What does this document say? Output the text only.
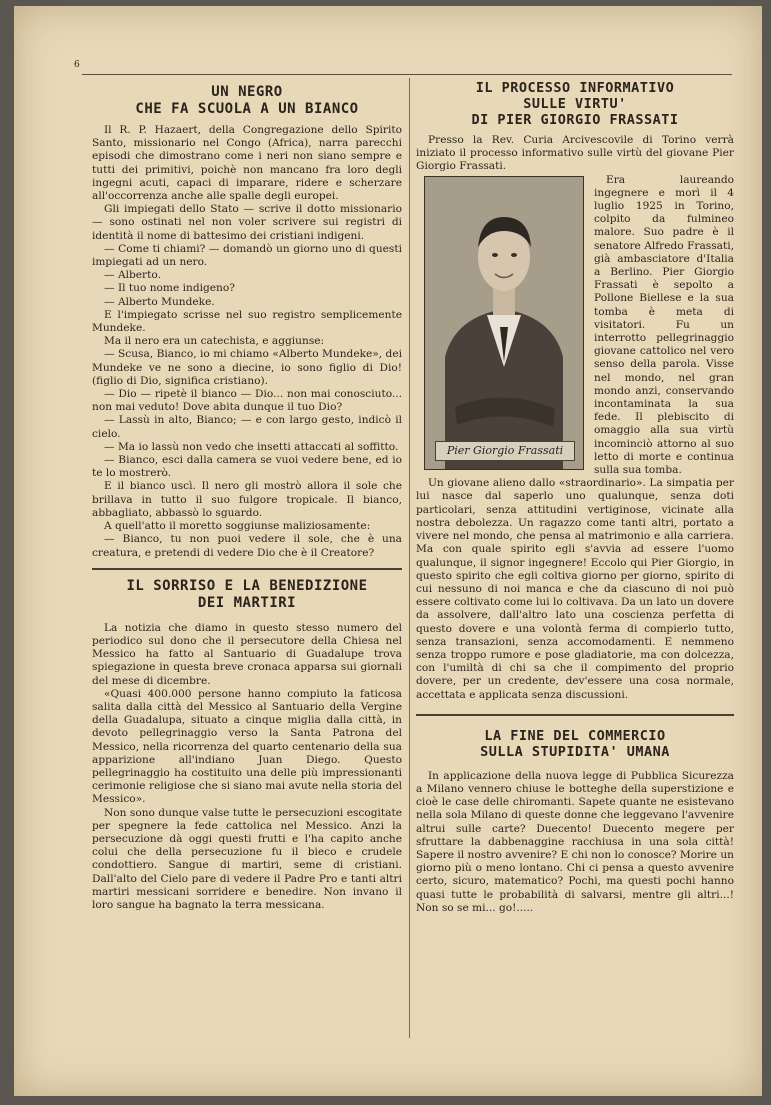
6
UN NEGRO
CHE FA SCUOLA A UN BIANCO

Il R. P. Hazaert, della Congregazione dello Spirito Santo, missionario nel Congo (Africa), narra parecchi episodi che dimostrano come i neri non siano sempre e tutti dei primitivi, poichè non mancano fra loro degli ingegni acuti, capaci di imparare, ridere e scherzare all'occorrenza anche alle spalle degli europei.

Gli impiegati dello Stato — scrive il dotto missionario — sono ostinati nel non voler scrivere sui registri di identità il nome di battesimo dei cristiani indigeni.

— Come ti chiami? — domandò un giorno uno di questi impiegati ad un nero.

— Alberto.

— Il tuo nome indigeno?

— Alberto Mundeke.

E l'impiegato scrisse nel suo registro semplicemente Mundeke.

Ma il nero era un catechista, e aggiunse:

— Scusa, Bianco, io mi chiamo «Alberto Mundeke», dei Mundeke ve ne sono a diecine, io sono figlio di Dio! (figlio di Dio, significa cristiano).

— Dio — ripetè il bianco — Dio... non mai conosciuto... non mai veduto! Dove abita dunque il tuo Dio?

— Lassù in alto, Bianco; — e con largo gesto, indicò il cielo.

— Ma io lassù non vedo che insetti attaccati al soffitto.

— Bianco, esci dalla camera se vuoi vedere bene, ed io te lo mostrerò.

E il bianco uscì. Il nero gli mostrò allora il sole che brillava in tutto il suo fulgore tropicale. Il bianco, abbagliato, abbassò lo sguardo.

A quell'atto il moretto soggiunse maliziosamente:

— Bianco, tu non puoi vedere il sole, che è una creatura, e pretendi di vedere Dio che è il Creatore?

IL SORRISO E LA BENEDIZIONE
DEI MARTIRI

La notizia che diamo in questo stesso numero del periodico sul dono che il persecutore della Chiesa nel Messico ha fatto al Santuario di Guadalupe trova spiegazione in questa breve cronaca apparsa sui giornali del mese di dicembre.

«Quasi 400.000 persone hanno compiuto la faticosa salita dalla città del Messico al Santuario della Vergine della Guadalupa, situato a cinque miglia dalla città, in devoto pellegrinaggio verso la Santa Patrona del Messico, nella ricorrenza del quarto centenario della sua apparizione all'indiano Juan Diego. Questo pellegrinaggio ha costituito una delle più impressionanti cerimonie religiose che si siano mai avute nella storia del Messico».

Non sono dunque valse tutte le persecuzioni escogitate per spegnere la fede cattolica nel Messico. Anzi la persecuzione dà oggi questi frutti e l'ha capito anche colui che della persecuzione fu il bieco e crudele condottiero. Sangue di martiri, seme di cristiani. Dall'alto del Cielo pare di vedere il Padre Pro e tanti altri martiri messicani sorridere e benedire. Non invano il loro sangue ha bagnato la terra messicana.

IL PROCESSO INFORMATIVO
SULLE VIRTU'
DI PIER GIORGIO FRASSATI

Presso la Rev. Curia Arcivescovile di Torino verrà iniziato il processo informativo sulle virtù del giovane Pier Giorgio Frassati.

Pier Giorgio Frassati

Era laureando ingegnere e morì il 4 luglio 1925 in Torino, colpito da fulmineo malore. Suo padre è il senatore Alfredo Frassati, già ambasciatore d'Italia a Berlino. Pier Giorgio Frassati è sepolto a Pollone Biellese e la sua tomba è meta di visitatori. Fu un interrotto pellegrinaggio giovane cattolico nel vero senso della parola. Visse nel mondo, nel gran mondo anzi, conservando incontaminata la sua fede. Il plebiscito di omaggio alla sua virtù incominciò attorno al suo letto di morte e continua sulla sua tomba.

Un giovane alieno dallo «straordinario». La simpatia per lui nasce dal saperlo uno qualunque, senza doti particolari, senza attitudini vertiginose, vicinate alla nostra debolezza. Un ragazzo come tanti altri, portato a vivere nel mondo, che pensa al matrimonio e alla carriera. Ma con quale spirito egli s'avvia ad essere l'uomo qualunque, il signor ingegnere! Eccolo qui Pier Giorgio, in questo spirito che egli coltiva giorno per giorno, spirito di cui nessuno di noi manca e che da ciascuno di noi può essere coltivato come lui lo coltivava. Da un lato un dovere da assolvere, dall'altro lato una coscienza perfetta di questo dovere e una volontà ferma di compierlo tutto, senza transazioni, senza accomodamenti. E nemmeno senza troppo rumore e pose gladiatorie, ma con dolcezza, con l'umiltà di chi sa che il compimento del proprio dovere, per un credente, dev'essere una cosa normale, accettata e applicata senza discussioni.

LA FINE DEL COMMERCIO
SULLA STUPIDITA' UMANA

In applicazione della nuova legge di Pubblica Sicurezza a Milano vennero chiuse le botteghe della superstizione e cioè le case delle chiromanti. Sapete quante ne esistevano nella sola Milano di queste donne che leggevano l'avvenire altrui sulle carte? Duecento! Duecento megere per sfruttare la dabbenaggine racchiusa in una sola città! Sapere il nostro avvenire? E chi non lo conosce? Morire un giorno più o meno lontano. Chi ci pensa a questo avvenire certo, sicuro, matematico? Pochi, ma questi pochi hanno quasi tutte le probabilità di salvarsi, mentre gli altri...! Non so se mi... go!.....
